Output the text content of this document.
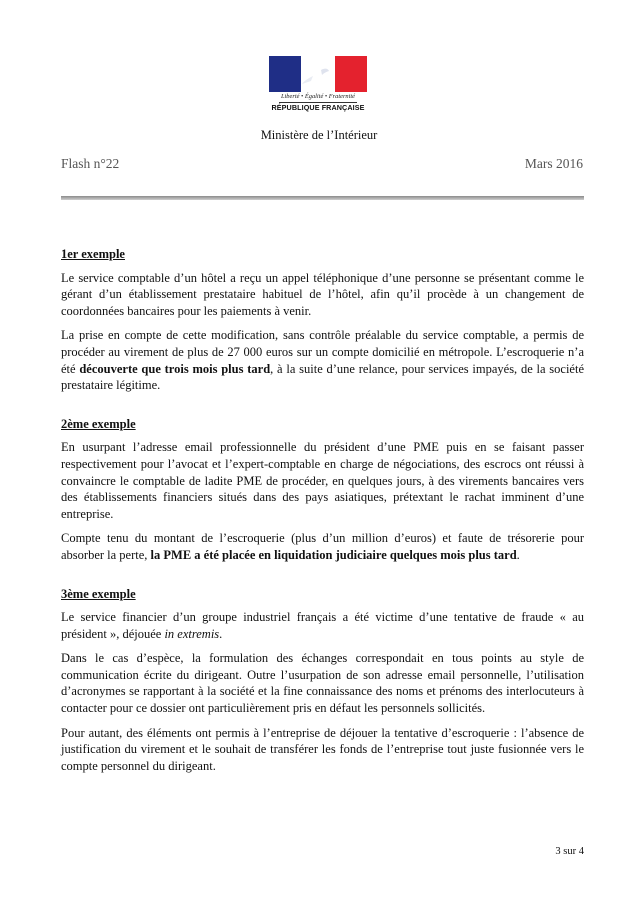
Liberté • Égalité • Fraternité
RÉPUBLIQUE FRANÇAISE
Ministère de l’Intérieur
Flash n°22	Mars 2016
1er exemple
Le service comptable d’un hôtel a reçu un appel téléphonique d’une personne se présentant comme le gérant d’un établissement prestataire habituel de l’hôtel, afin qu’il procède à un changement de coordonnées bancaires pour les paiements à venir.
La prise en compte de cette modification, sans contrôle préalable du service comptable, a permis de procéder au virement de plus de 27 000 euros sur un compte domicilié en métropole. L’escroquerie n’a été découverte que trois mois plus tard, à la suite d’une relance, pour services impayés, de la société prestataire légitime.
2ème exemple
En usurpant l’adresse email professionnelle du président d’une PME puis en se faisant passer respectivement pour l’avocat et l’expert-comptable en charge de négociations, des escrocs ont réussi à convaincre le comptable de ladite PME de procéder, en quelques jours, à des virements bancaires vers des établissements financiers situés dans des pays asiatiques, prétextant le rachat imminent d’une entreprise.
Compte tenu du montant de l’escroquerie (plus d’un million d’euros) et faute de trésorerie pour absorber la perte, la PME a été placée en liquidation judiciaire quelques mois plus tard.
3ème exemple
Le service financier d’un groupe industriel français a été victime d’une tentative de fraude « au président », déjouée in extremis.
Dans le cas d’espèce, la formulation des échanges correspondait en tous points au style de communication écrite du dirigeant. Outre l’usurpation de son adresse email personnelle, l’utilisation d’acronymes se rapportant à la société et la fine connaissance des noms et prénoms des interlocuteurs à contacter pour ce dossier ont particulièrement pris en défaut les personnels sollicités.
Pour autant, des éléments ont permis à l’entreprise de déjouer la tentative d’escroquerie : l’absence de justification du virement et le souhait de transférer les fonds de l’entreprise tout juste fusionnée vers le compte personnel du dirigeant.
3 sur 4
